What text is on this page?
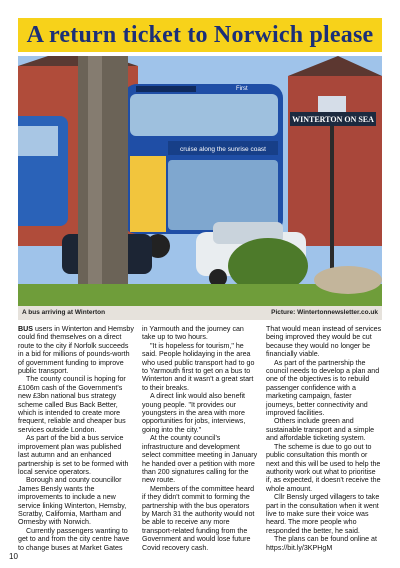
A return ticket to Norwich please
cruise along the sunrise coast
First
WINTERTON ON SEA
A bus arriving at Winterton	Picture: Wintertonnewsletter.co.uk

BUS users in Winterton and Hemsby could find themselves on a direct route to the city if Norfolk succeeds in a bid for millions of pounds-worth of government funding to improve public transport.

The county council is hoping for £106m cash of the Government's new £3bn national bus strategy scheme called Bus Back Better, which is intended to create more frequent, reliable and cheaper bus services outside London.

As part of the bid a bus service improvement plan was published last autumn and an enhanced partnership is set to be formed with local service operators.

Borough and county councillor James Bensly wants the improvements to include a new service linking Winterton, Hemsby, Scratby, California, Martham and Ormesby with Norwich.

Currently passengers wanting to get to and from the city centre have to change buses at Market Gates

in Yarmouth and the journey can take up to two hours.

"It is hopeless for tourism," he said. People holidaying in the area who used public transport had to go to Yarmouth first to get on a bus to Winterton and it wasn't a great start to their breaks.

A direct link would also benefit young people. "It provides our youngsters in the area with more opportunities for jobs, interviews, going into the city."

At the county council's infrastructure and development select committee meeting in January he handed over a petition with more than 200 signatures calling for the new route.

Members of the committee heard if they didn't commit to forming the partnership with the bus operators by March 31 the authority would not be able to receive any more transport-related funding from the Government and would lose future Covid recovery cash.

That would mean instead of services being improved they would be cut because they would no longer be financially viable.

As part of the partnership the council needs to develop a plan and one of the objectives is to rebuild passenger confidence with a marketing campaign, faster journeys, better connectivity and improved facilities.

Others include green and sustainable transport and a simple and affordable ticketing system.

The scheme is due to go out to public consultation this month or next and this will be used to help the authority work out what to prioritise if, as expected, it doesn't receive the whole amount.

Cllr Bensly urged villagers to take part in the consultation when it went live to make sure their voice was heard. The more people who responded the better, he said.

The plans can be found online at https://bit.ly/3KPHgM

10
